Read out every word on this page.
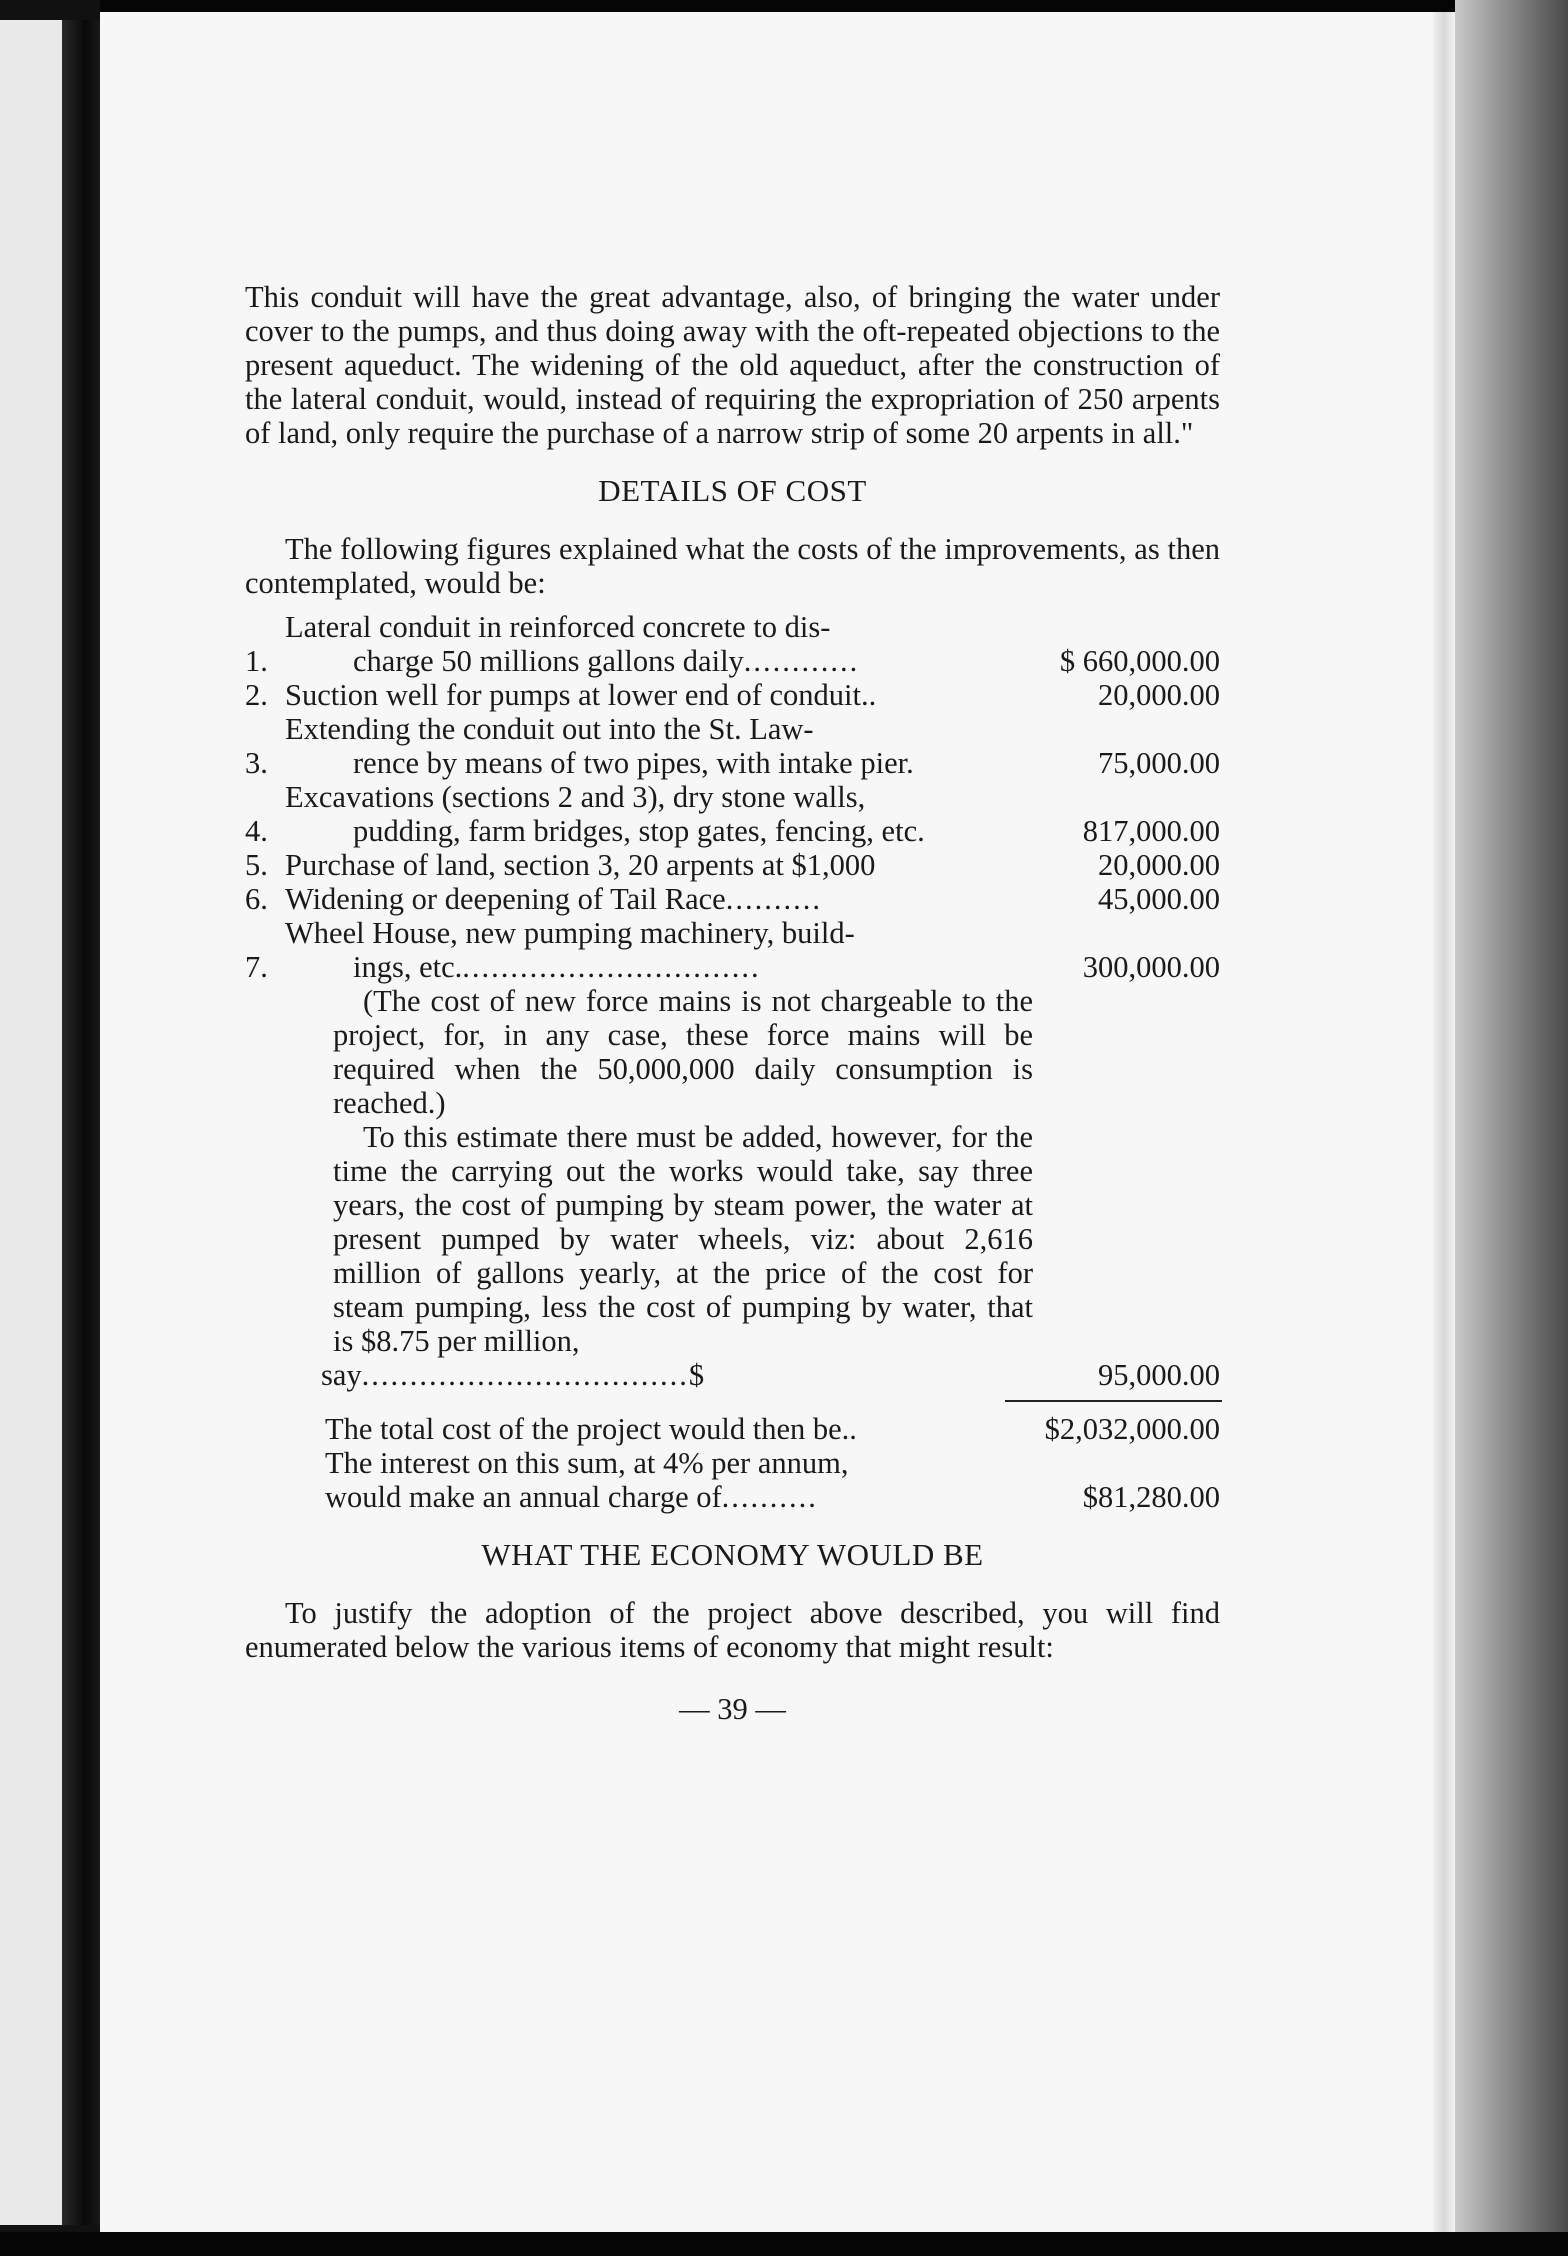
This conduit will have the great advantage, also, of bringing the water under cover to the pumps, and thus doing away with the oft-repeated objections to the present aqueduct. The widening of the old aqueduct, after the construction of the lateral conduit, would, instead of requiring the expropriation of 250 arpents of land, only require the purchase of a narrow strip of some 20 arpents in all."

DETAILS OF COST

The following figures explained what the costs of the improvements, as then contemplated, would be:

1.
Lateral conduit in reinforced concrete to dis-
charge 50 millions gallons daily............	$ 660,000.00
2. Suction well for pumps at lower end of conduit..	20,000.00
3.
Extending the conduit out into the St. Law-
rence by means of two pipes, with intake pier.	75,000.00
4.
Excavations (sections 2 and 3), dry stone walls,
pudding, farm bridges, stop gates, fencing, etc.	817,000.00
5. Purchase of land, section 3, 20 arpents at $1,000	20,000.00
6. Widening or deepening of Tail Race..........	45,000.00
7.
Wheel House, new pumping machinery, build-
ings, etc................................	300,000.00

(The cost of new force mains is not chargeable to the project, for, in any case, these force mains will be required when the 50,000,000 daily consumption is reached.)

To this estimate there must be added, however, for the time the carrying out the works would take, say three years, the cost of pumping by steam power, the water at present pumped by water wheels, viz: about 2,616 million of gallons yearly, at the price of the cost for steam pumping, less the cost of pumping by water, that is $8.75 per million,

say..................................$	95,000.00
The total cost of the project would then be..	$2,032,000.00
The interest on this sum, at 4% per annum,
would make an annual charge of..........	$81,280.00
WHAT THE ECONOMY WOULD BE

To justify the adoption of the project above described, you will find enumerated below the various items of economy that might result:

— 39 —
